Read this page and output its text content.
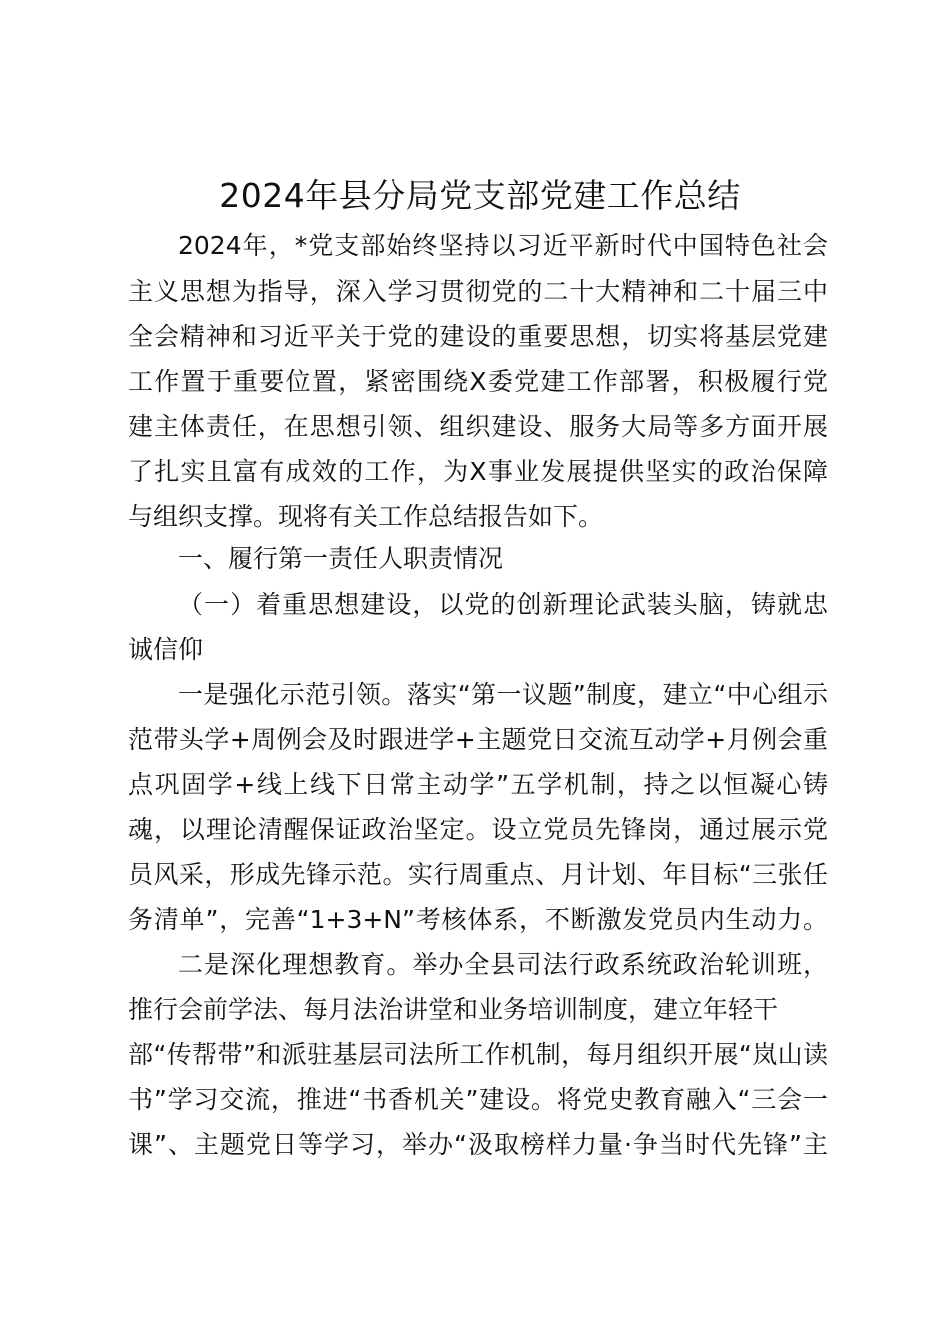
2024年县分局党支部党建工作总结
2024年，*党支部始终坚持以习近平新时代中国特色社会
主义思想为指导，深入学习贯彻党的二十大精神和二十届三中
全会精神和习近平关于党的建设的重要思想，切实将基层党建
工作置于重要位置，紧密围绕X委党建工作部署，积极履行党
建主体责任，在思想引领、组织建设、服务大局等多方面开展
了扎实且富有成效的工作，为X事业发展提供坚实的政治保障
与组织支撑。现将有关工作总结报告如下。
一、履行第一责任人职责情况
（一）着重思想建设，以党的创新理论武装头脑，铸就忠
诚信仰
一是强化示范引领。落实“第一议题”制度，建立“中心组示
范带头学+周例会及时跟进学+主题党日交流互动学+月例会重
点巩固学+线上线下日常主动学”五学机制，持之以恒凝心铸
魂，以理论清醒保证政治坚定。设立党员先锋岗，通过展示党
员风采，形成先锋示范。实行周重点、月计划、年目标“三张任
务清单”，完善“1+3+N”考核体系，不断激发党员内生动力。
二是深化理想教育。举办全县司法行政系统政治轮训班，
推行会前学法、每月法治讲堂和业务培训制度，建立年轻干
部“传帮带”和派驻基层司法所工作机制，每月组织开展“岚山读
书”学习交流，推进“书香机关”建设。将党史教育融入“三会一
课”、主题党日等学习，举办“汲取榜样力量·争当时代先锋”主
